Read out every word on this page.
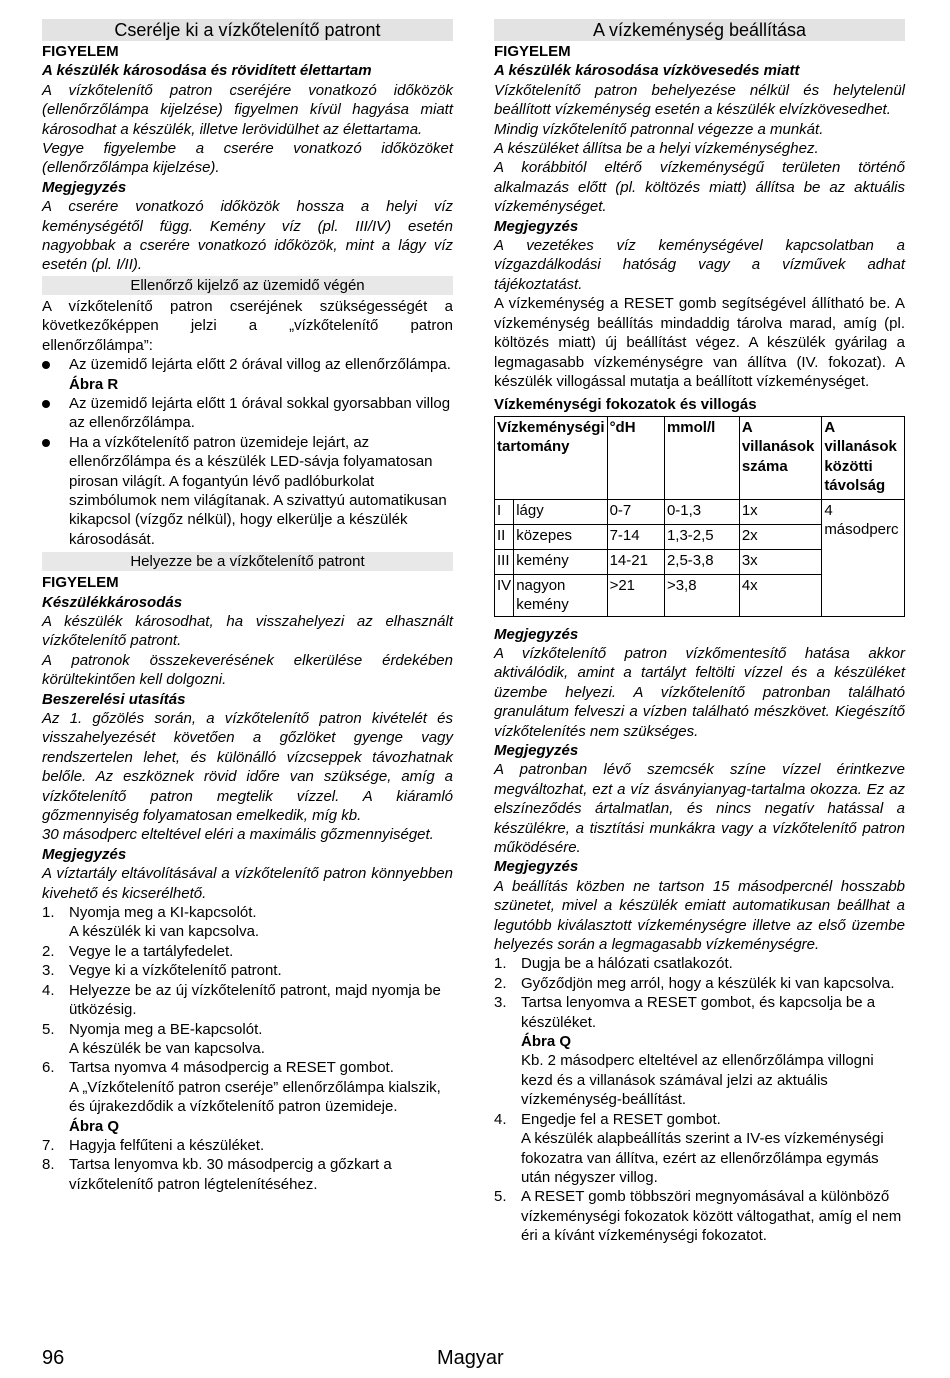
Cserélje ki a vízkőtelenítő patront

FIGYELEM

A készülék károsodása és rövidített élettartam

A vízkőtelenítő patron cseréjére vonatkozó időközök (ellenőrzőlámpa kijelzése) figyelmen kívül hagyása miatt károsodhat a készülék, illetve lerövidülhet az élettartama.

Vegye figyelembe a cserére vonatkozó időközöket (ellenőrzőlámpa kijelzése).

Megjegyzés

A cserére vonatkozó időközök hossza a helyi víz keménységétől függ. Kemény víz (pl. III/IV) esetén nagyobbak a cserére vonatkozó időközök, mint a lágy víz esetén (pl. I/II).

Ellenőrző kijelző az üzemidő végén

A vízkőtelenítő patron cseréjének szükségességét a következőképpen jelzi a „vízkőtelenítő patron ellenőrzőlámpa”:

Az üzemidő lejárta előtt 2 órával villog az ellenőrzőlámpa.
Ábra R
Az üzemidő lejárta előtt 1 órával sokkal gyorsabban villog az ellenőrzőlámpa.
Ha a vízkőtelenítő patron üzemideje lejárt, az ellenőrzőlámpa és a készülék LED-sávja folyamatosan pirosan világít. A fogantyún lévő padlóburkolat szimbólumok nem világítanak. A szivattyú automatikusan kikapcsol (vízgőz nélkül), hogy elkerülje a készülék károsodását.
Helyezze be a vízkőtelenítő patront

FIGYELEM

Készülékkárosodás

A készülék károsodhat, ha visszahelyezi az elhasznált vízkőtelenítő patront.

A patronok összekeverésének elkerülése érdekében körültekintően kell dolgozni.

Beszerelési utasítás

Az 1. gőzölés során, a vízkőtelenítő patron kivételét és visszahelyezését követően a gőzlöket gyenge vagy rendszertelen lehet, és különálló vízcseppek távozhatnak belőle. Az eszköznek rövid időre van szüksége, amíg a vízkőtelenítő patron megtelik vízzel. A kiáramló gőzmennyiség folyamatosan emelkedik, míg kb.

30 másodperc elteltével eléri a maximális gőzmennyiséget.

Megjegyzés

A víztartály eltávolításával a vízkőtelenítő patron könnyebben kivehető és kicserélhető.

1. Nyomja meg a KI-kapcsolót.
A készülék ki van kapcsolva.
2. Vegye le a tartályfedelet.
3. Vegye ki a vízkőtelenítő patront.
4. Helyezze be az új vízkőtelenítő patront, majd nyomja be ütközésig.
5. Nyomja meg a BE-kapcsolót.
A készülék be van kapcsolva.
6. Tartsa nyomva 4 másodpercig a RESET gombot.
A „Vízkőtelenítő patron cseréje” ellenőrzőlámpa kialszik, és újrakezdődik a vízkőtelenítő patron üzemideje.
Ábra Q
7. Hagyja felfűteni a készüléket.
8. Tartsa lenyomva kb. 30 másodpercig a gőzkart a vízkőtelenítő patron légtelenítéséhez.
A vízkeménység beállítása

FIGYELEM

A készülék károsodása vízkövesedés miatt

Vízkőtelenítő patron behelyezése nélkül és helytelenül beállított vízkeménység esetén a készülék elvízkövesedhet.

Mindig vízkőtelenítő patronnal végezze a munkát.

A készüléket állítsa be a helyi vízkeménységhez.

A korábbitól eltérő vízkeménységű területen történő alkalmazás előtt (pl. költözés miatt) állítsa be az aktuális vízkeménységet.

Megjegyzés

A vezetékes víz keménységével kapcsolatban a vízgazdálkodási hatóság vagy a vízművek adhat tájékoztatást.

A vízkeménység a RESET gomb segítségével állítható be. A vízkeménység beállítás mindaddig tárolva marad, amíg (pl. költözés miatt) új beállítást végez. A készülék gyárilag a legmagasabb vízkeménységre van állítva (IV. fokozat). A készülék villogással mutatja a beállított vízkeménységet.

Vízkeménységi fokozatok és villogás

Vízkeménységi tartomány		°dH	mmol/l	A villanások száma	A villanások közötti távolság
I	lágy	0-7	0-1,3	1x	4 másodperc
II	közepes	7-14	1,3-2,5	2x	
III	kemény	14-21	2,5-3,8	3x	
IV	nagyon kemény	>21	>3,8	4x	

Megjegyzés

A vízkőtelenítő patron vízkőmentesítő hatása akkor aktiválódik, amint a tartályt feltölti vízzel és a készüléket üzembe helyezi. A vízkőtelenítő patronban található granulátum felveszi a vízben található mészkövet. Kiegészítő vízkőtelenítés nem szükséges.

Megjegyzés

A patronban lévő szemcsék színe vízzel érintkezve megváltozhat, ezt a víz ásványianyag-tartalma okozza. Ez az elszíneződés ártalmatlan, és nincs negatív hatással a készülékre, a tisztítási munkákra vagy a vízkőtelenítő patron működésére.

Megjegyzés

A beállítás közben ne tartson 15 másodpercnél hosszabb szünetet, mivel a készülék emiatt automatikusan beállhat a legutóbb kiválasztott vízkeménységre illetve az első üzembe helyezés során a legmagasabb vízkeménységre.

1. Dugja be a hálózati csatlakozót.
2. Győződjön meg arról, hogy a készülék ki van kapcsolva.
3. Tartsa lenyomva a RESET gombot, és kapcsolja be a készüléket.
Ábra Q
Kb. 2 másodperc elteltével az ellenőrzőlámpa villogni kezd és a villanások számával jelzi az aktuális vízkeménység-beállítást.
4. Engedje fel a RESET gombot.
A készülék alapbeállítás szerint a IV-es vízkeménységi fokozatra van állítva, ezért az ellenőrzőlámpa egymás után négyszer villog.
5. A RESET gomb többszöri megnyomásával a különböző vízkeménységi fokozatok között váltogathat, amíg el nem éri a kívánt vízkeménységi fokozatot.
96	Magyar
